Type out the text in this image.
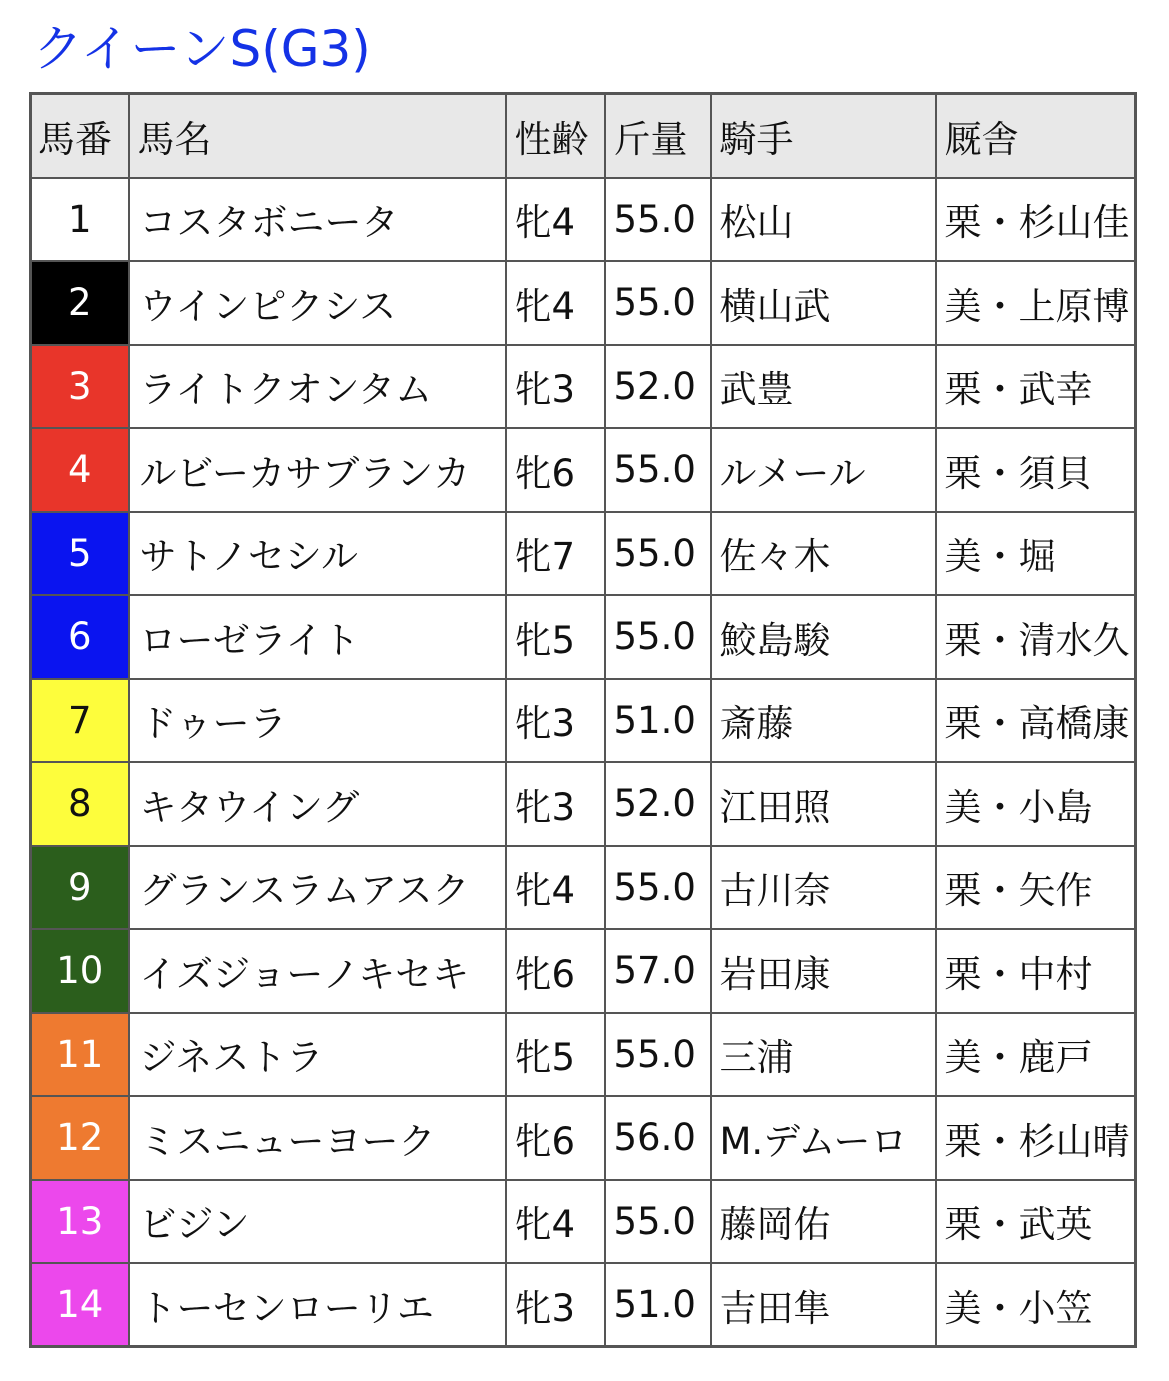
クイーンS(G3)
馬番	馬名	性齢	斤量	騎手	厩舎
1	コスタボニータ	牝4	55.0	松山	栗・杉山佳
2	ウインピクシス	牝4	55.0	横山武	美・上原博
3	ライトクオンタム	牝3	52.0	武豊	栗・武幸
4	ルビーカサブランカ	牝6	55.0	ルメール	栗・須貝
5	サトノセシル	牝7	55.0	佐々木	美・堀
6	ローゼライト	牝5	55.0	鮫島駿	栗・清水久
7	ドゥーラ	牝3	51.0	斎藤	栗・高橋康
8	キタウイング	牝3	52.0	江田照	美・小島
9	グランスラムアスク	牝4	55.0	古川奈	栗・矢作
10	イズジョーノキセキ	牝6	57.0	岩田康	栗・中村
11	ジネストラ	牝5	55.0	三浦	美・鹿戸
12	ミスニューヨーク	牝6	56.0	M.デムーロ	栗・杉山晴
13	ビジン	牝4	55.0	藤岡佑	栗・武英
14	トーセンローリエ	牝3	51.0	吉田隼	美・小笠
